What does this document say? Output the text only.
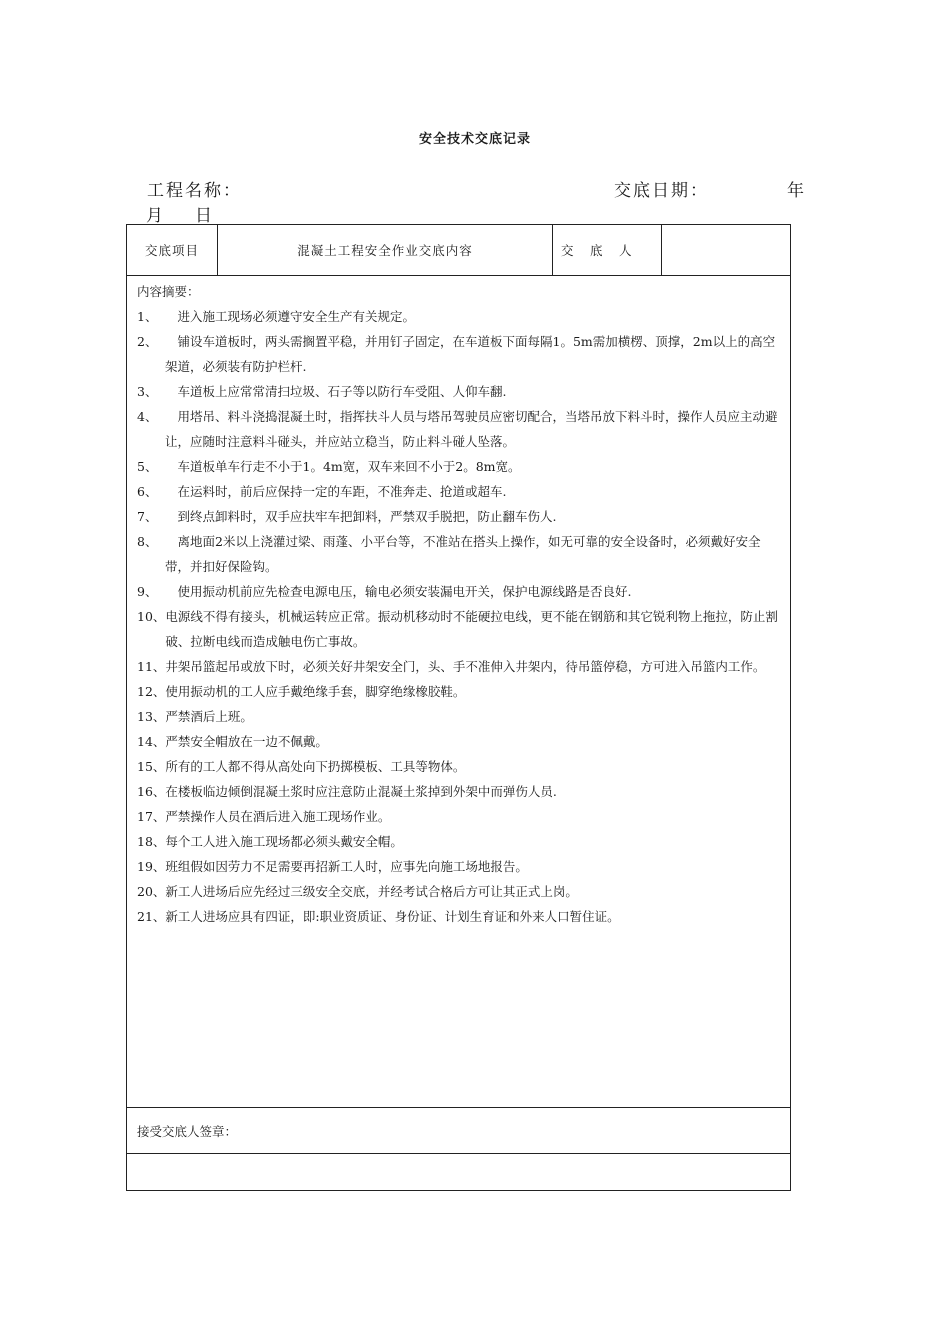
安全技术交底记录
工程名称：	交底日期：	年
月 日
交底项目	混凝土工程安全作业交底内容	交　底　人	

内容摘要：
1、 　进入施工现场必须遵守安全生产有关规定。
2、 　铺设车道板时，两头需搁置平稳，并用钉子固定，在车道板下面每隔1。5m需加横楞、顶撑，2m以上的高空架道，必须装有防护栏杆.
3、 　车道板上应常常清扫垃圾、石子等以防行车受阻、人仰车翻.
4、 　用塔吊、料斗浇捣混凝土时，指挥扶斗人员与塔吊驾驶员应密切配合，当塔吊放下料斗时，操作人员应主动避让，应随时注意料斗碰头，并应站立稳当，防止料斗碰人坠落。
5、 　车道板单车行走不小于1。4m宽，双车来回不小于2。8m宽。
6、 　在运料时，前后应保持一定的车距，不准奔走、抢道或超车.
7、 　到终点卸料时，双手应扶牢车把卸料，严禁双手脱把，防止翻车伤人.
8、 　离地面2米以上浇灌过梁、雨蓬、小平台等，不准站在搭头上操作，如无可靠的安全设备时，必须戴好安全带，并扣好保险钩。
9、 　使用振动机前应先检查电源电压，输电必须安装漏电开关，保护电源线路是否良好.
10、 电源线不得有接头，机械运转应正常。振动机移动时不能硬拉电线，更不能在钢筋和其它锐利物上拖拉，防止割破、拉断电线而造成触电伤亡事故。
11、 井架吊篮起吊或放下时，必须关好井架安全门，头、手不准伸入井架内，待吊篮停稳，方可进入吊篮内工作。
12、 使用振动机的工人应手戴绝缘手套，脚穿绝缘橡胶鞋。
13、 严禁酒后上班。
14、 严禁安全帽放在一边不佩戴。
15、 所有的工人都不得从高处向下扔掷模板、工具等物体。
16、 在楼板临边倾倒混凝土浆时应注意防止混凝土浆掉到外架中而弹伤人员.
17、 严禁操作人员在酒后进入施工现场作业。
18、 每个工人进入施工现场都必须头戴安全帽。
19、 班组假如因劳力不足需要再招新工人时，应事先向施工场地报告。
20、 新工人进场后应先经过三级安全交底，并经考试合格后方可让其正式上岗。
21、 新工人进场应具有四证，即:职业资质证、身份证、计划生育证和外来人口暂住证。

接受交底人签章：
